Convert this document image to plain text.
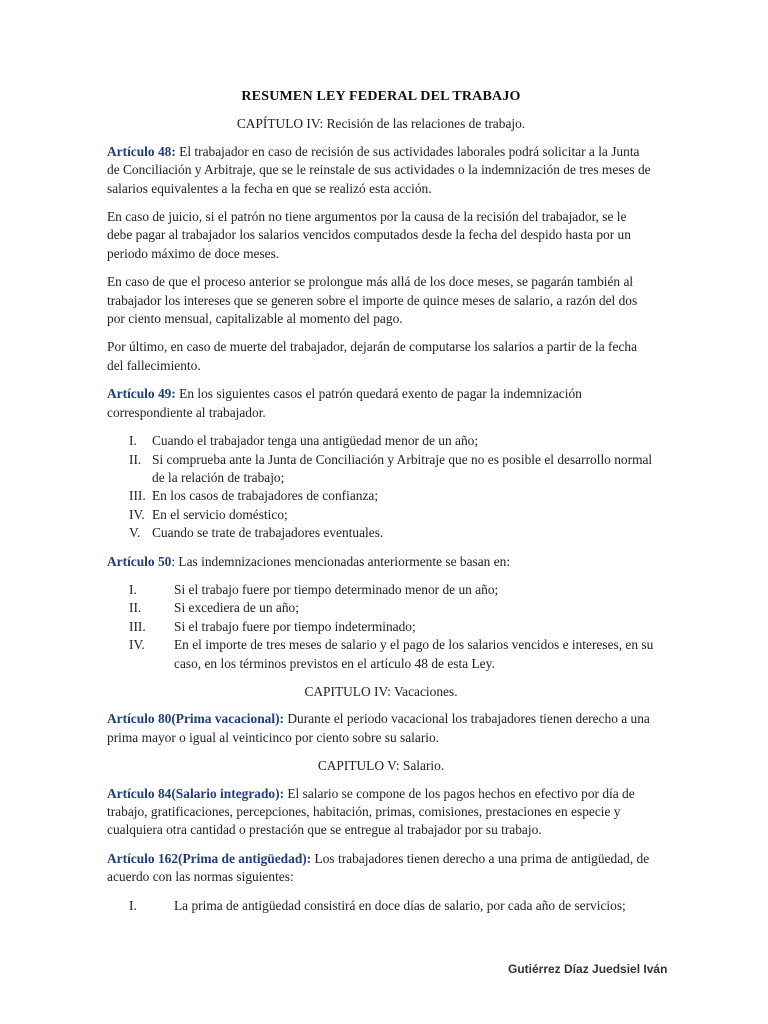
RESUMEN LEY FEDERAL DEL TRABAJO
CAPÍTULO IV: Recisión de las relaciones de trabajo.

Artículo 48: El trabajador en caso de recisión de sus actividades laborales podrá solicitar a la Junta de Conciliación y Arbitraje, que se le reinstale de sus actividades o la indemnización de tres meses de salarios equivalentes a la fecha en que se realizó esta acción.

En caso de juicio, si el patrón no tiene argumentos por la causa de la recisión del trabajador, se le debe pagar al trabajador los salarios vencidos computados desde la fecha del despido hasta por un periodo máximo de doce meses.

En caso de que el proceso anterior se prolongue más allá de los doce meses, se pagarán también al trabajador los intereses que se generen sobre el importe de quince meses de salario, a razón del dos por ciento mensual, capitalizable al momento del pago.

Por último, en caso de muerte del trabajador, dejarán de computarse los salarios a partir de la fecha del fallecimiento.

Artículo 49: En los siguientes casos el patrón quedará exento de pagar la indemnización correspondiente al trabajador.

I. Cuando el trabajador tenga una antigüedad menor de un año;
II. Si comprueba ante la Junta de Conciliación y Arbitraje que no es posible el desarrollo normal de la relación de trabajo;
III. En los casos de trabajadores de confianza;
IV. En el servicio doméstico;
V. Cuando se trate de trabajadores eventuales.

Artículo 50: Las indemnizaciones mencionadas anteriormente se basan en:

I.	Si el trabajo fuere por tiempo determinado menor de un año;
II. Si excediera de un año;
III. Si el trabajo fuere por tiempo indeterminado;
IV. En el importe de tres meses de salario y el pago de los salarios vencidos e intereses, en su caso, en los términos previstos en el artículo 48 de esta Ley.
CAPITULO IV: Vacaciones.

Artículo 80(Prima vacacional): Durante el periodo vacacional los trabajadores tienen derecho a una prima mayor o igual al veinticinco por ciento sobre su salario.

CAPITULO V: Salario.

Artículo 84(Salario integrado): El salario se compone de los pagos hechos en efectivo por día de trabajo, gratificaciones, percepciones, habitación, primas, comisiones, prestaciones en especie y cualquiera otra cantidad o prestación que se entregue al trabajador por su trabajo.

Artículo 162(Prima de antigüedad): Los trabajadores tienen derecho a una prima de antigüedad, de acuerdo con las normas siguientes:

I.	La prima de antigüedad consistirá en doce días de salario, por cada año de servicios;
Gutiérrez Díaz Juedsiel Iván
